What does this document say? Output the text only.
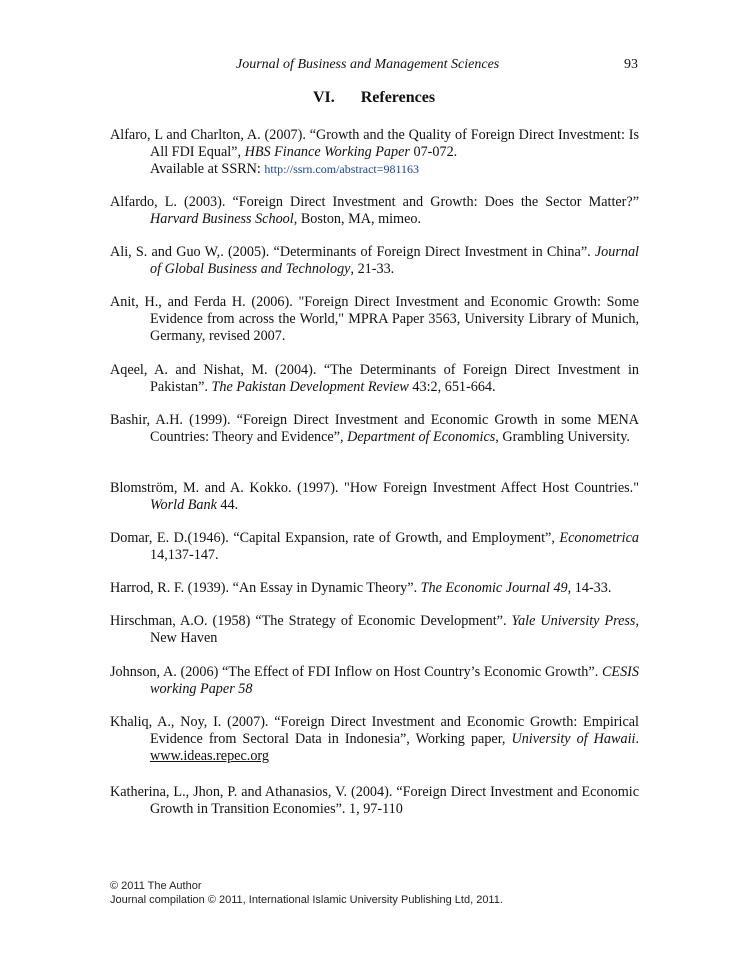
Journal of Business and Management Sciences	93
VI. References
Alfaro, L and Charlton, A. (2007). “Growth and the Quality of Foreign Direct Investment: Is All FDI Equal”, HBS Finance Working Paper 07-072.
Available at SSRN: http://ssrn.com/abstract=981163
Alfardo, L. (2003). “Foreign Direct Investment and Growth: Does the Sector Matter?” Harvard Business School, Boston, MA, mimeo.
Ali, S. and Guo W,. (2005). “Determinants of Foreign Direct Investment in China”. Journal of Global Business and Technology, 21-33.
Anit, H., and Ferda H. (2006). "Foreign Direct Investment and Economic Growth: Some Evidence from across the World," MPRA Paper 3563, University Library of Munich, Germany, revised 2007.
Aqeel, A. and Nishat, M. (2004). “The Determinants of Foreign Direct Investment in Pakistan”. The Pakistan Development Review 43:2, 651-664.
Bashir, A.H. (1999). “Foreign Direct Investment and Economic Growth in some MENA Countries: Theory and Evidence”, Department of Economics, Grambling University.
Blomström, M. and A. Kokko. (1997). "How Foreign Investment Affect Host Countries." World Bank 44.
Domar, E. D.(1946). “Capital Expansion, rate of Growth, and Employment”, Econometrica 14,137-147.
Harrod, R. F. (1939). “An Essay in Dynamic Theory”. The Economic Journal 49, 14-33.
Hirschman, A.O. (1958) “The Strategy of Economic Development”. Yale University Press, New Haven
Johnson, A. (2006) “The Effect of FDI Inflow on Host Country’s Economic Growth”. CESIS working Paper 58
Khaliq, A., Noy, I. (2007). “Foreign Direct Investment and Economic Growth: Empirical Evidence from Sectoral Data in Indonesia”, Working paper, University of Hawaii. www.ideas.repec.org
Katherina, L., Jhon, P. and Athanasios, V. (2004). “Foreign Direct Investment and Economic Growth in Transition Economies”. 1, 97-110
© 2011 The Author
Journal compilation © 2011, International Islamic University Publishing Ltd, 2011.
